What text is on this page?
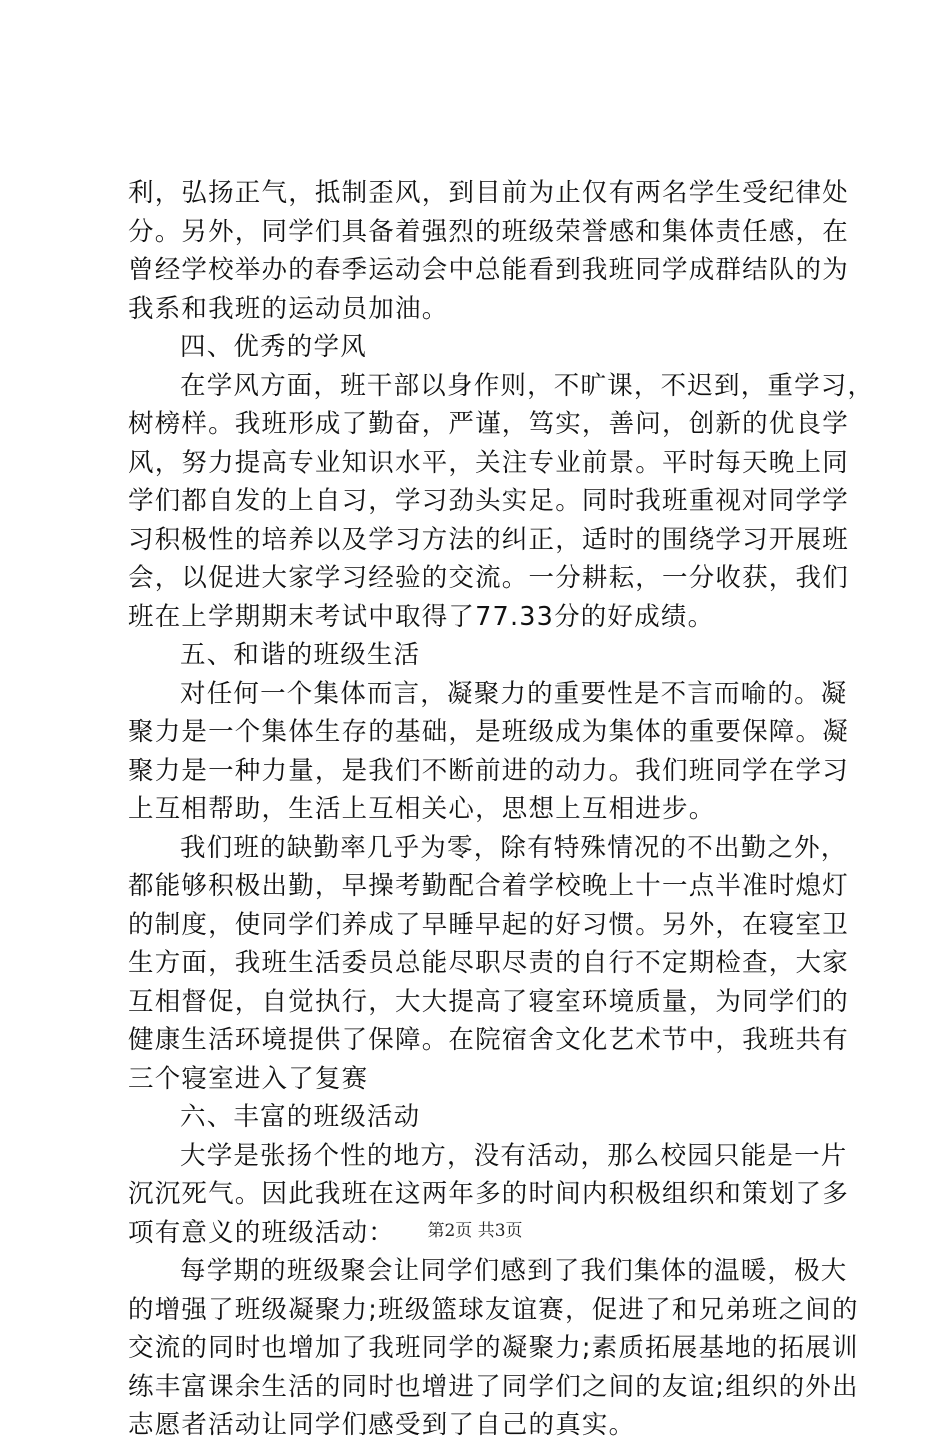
利，弘扬正气，抵制歪风，到目前为止仅有两名学生受纪律处
分。另外，同学们具备着强烈的班级荣誉感和集体责任感，在
曾经学校举办的春季运动会中总能看到我班同学成群结队的为
我系和我班的运动员加油。
四、优秀的学风
在学风方面，班干部以身作则，不旷课，不迟到，重学习，
树榜样。我班形成了勤奋，严谨，笃实，善问，创新的优良学
风，努力提高专业知识水平，关注专业前景。平时每天晚上同
学们都自发的上自习，学习劲头实足。同时我班重视对同学学
习积极性的培养以及学习方法的纠正，适时的围绕学习开展班
会，以促进大家学习经验的交流。一分耕耘，一分收获，我们
班在上学期期末考试中取得了77.33分的好成绩。
五、和谐的班级生活
对任何一个集体而言，凝聚力的重要性是不言而喻的。凝
聚力是一个集体生存的基础，是班级成为集体的重要保障。凝
聚力是一种力量，是我们不断前进的动力。我们班同学在学习
上互相帮助，生活上互相关心，思想上互相进步。
我们班的缺勤率几乎为零，除有特殊情况的不出勤之外，
都能够积极出勤，早操考勤配合着学校晚上十一点半准时熄灯
的制度，使同学们养成了早睡早起的好习惯。另外，在寝室卫
生方面，我班生活委员总能尽职尽责的自行不定期检查，大家
互相督促，自觉执行，大大提高了寝室环境质量，为同学们的
健康生活环境提供了保障。在院宿舍文化艺术节中，我班共有
三个寝室进入了复赛
六、丰富的班级活动
大学是张扬个性的地方，没有活动，那么校园只能是一片
沉沉死气。因此我班在这两年多的时间内积极组织和策划了多
项有意义的班级活动：
每学期的班级聚会让同学们感到了我们集体的温暖，极大
的增强了班级凝聚力;班级篮球友谊赛，促进了和兄弟班之间的
交流的同时也增加了我班同学的凝聚力;素质拓展基地的拓展训
练丰富课余生活的同时也增进了同学们之间的友谊;组织的外出
志愿者活动让同学们感受到了自己的真实。
第2页 共3页
